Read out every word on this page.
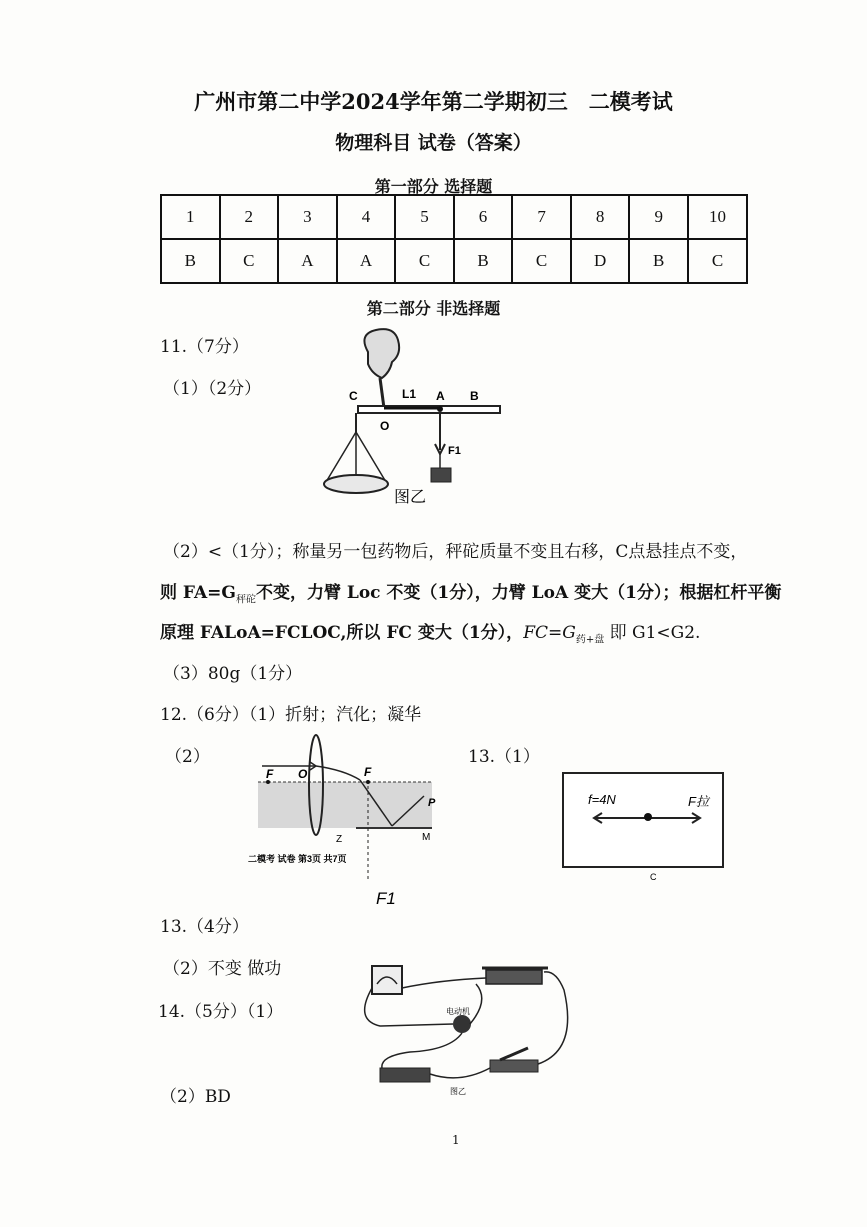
广州市第二中学2024学年第二学期初三　二模考试
物理科目 试卷（答案）
第一部分 选择题
1	2	3	4	5	6	7	8	9	10
B	C	A	A	C	B	C	D	B	C
第二部分 非选择题
11.（7分）
（1）（2分）	C	L1 A B
O
F1
图乙
（2）<（1分）；称量另一包药物后，秤砣质量不变且右移，C点悬挂点不变，
则 $FA=G_{秤砣}$不变，力臂 Loc 不变（1分），力臂 LoA 变大（1分）；根据杠杆平衡
原理 FALoA=FCLOC,所以 FC 变大（1分），$FC=G_{药+盘}$ 即 G1<G2.
（3）80g（1分）
12.（6分）（1）折射；汽化；凝华
（2）
F O	F
P
M
Z
二模考 试卷 第3页 共7页
F1
13.（1）
f=4N	F拉
C
13.（4分）
（2）不变 做功
14.（5分）（1）	电动机
图乙
（2）BD
1
